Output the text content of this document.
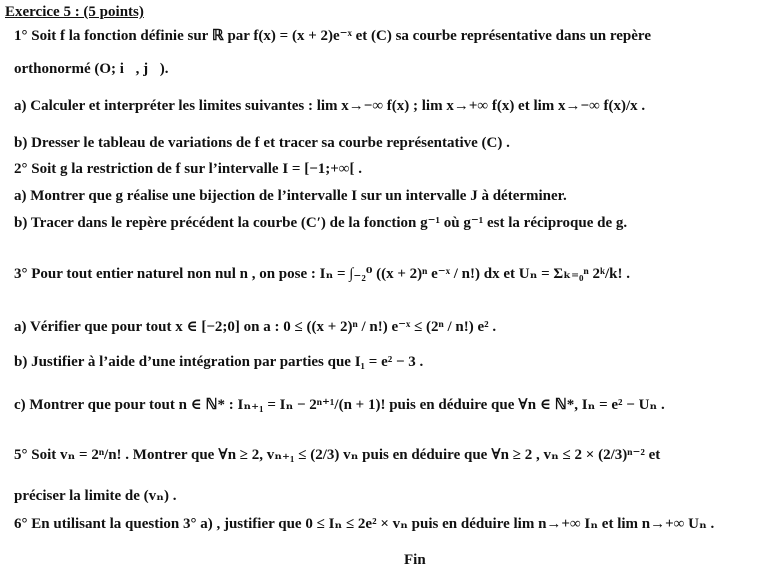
Exercice 5 : (5 points)
1° Soit f la fonction définie sur ℝ par f(x) = (x + 2)e⁻ˣ et (C) sa courbe représentative dans un repère
orthonormé (O; i⃗, j⃗).
a) Calculer et interpréter les limites suivantes : lim x→−∞ f(x) ; lim x→+∞ f(x) et lim x→−∞ f(x)/x .
b) Dresser le tableau de variations de f et tracer sa courbe représentative (C) .
2° Soit g la restriction de f sur l’intervalle I = [−1;+∞[ .
a) Montrer que g réalise une bijection de l’intervalle I sur un intervalle J à déterminer.
b) Tracer dans le repère précédent la courbe (C′) de la fonction g⁻¹ où g⁻¹ est la réciproque de g.
3° Pour tout entier naturel non nul n , on pose : Iₙ = ∫₋₂⁰ ((x + 2)ⁿ e⁻ˣ / n!) dx et Uₙ = Σₖ₌₀ⁿ 2ᵏ/k! .
a) Vérifier que pour tout x ∈ [−2;0] on a : 0 ≤ ((x + 2)ⁿ / n!) e⁻ˣ ≤ (2ⁿ / n!) e² .
b) Justifier à l’aide d’une intégration par parties que I₁ = e² − 3 .
c) Montrer que pour tout n ∈ ℕ* : Iₙ₊₁ = Iₙ − 2ⁿ⁺¹/(n + 1)! puis en déduire que ∀n ∈ ℕ*, Iₙ = e² − Uₙ .
5° Soit vₙ = 2ⁿ/n! . Montrer que ∀n ≥ 2, vₙ₊₁ ≤ (2/3) vₙ puis en déduire que ∀n ≥ 2 , vₙ ≤ 2 × (2/3)ⁿ⁻² et
préciser la limite de (vₙ) .
6° En utilisant la question 3° a) , justifier que 0 ≤ Iₙ ≤ 2e² × vₙ puis en déduire lim n→+∞ Iₙ et lim n→+∞ Uₙ .
Fin
